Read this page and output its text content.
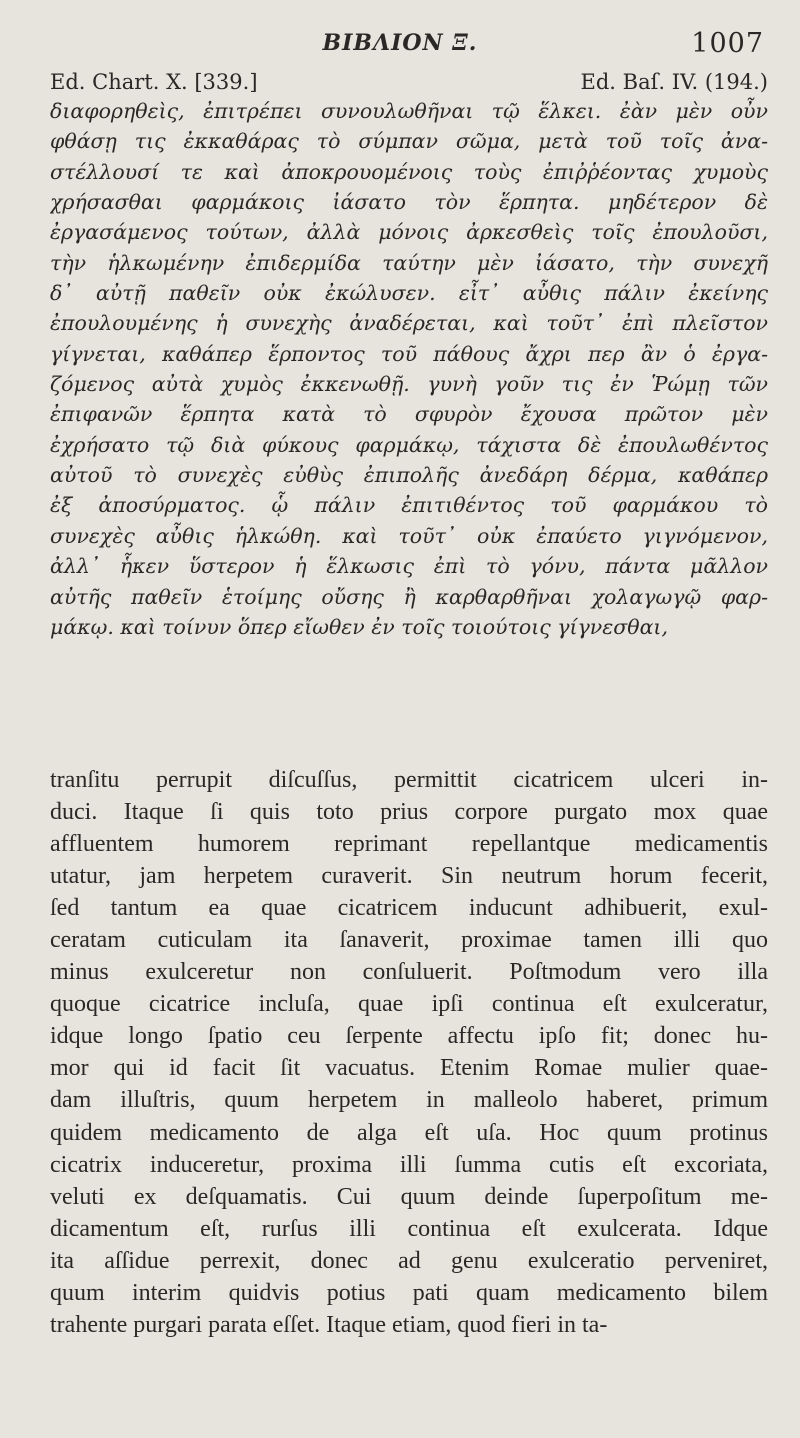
ΒΙΒΛΙΟΝ Ξ.	1007
Ed. Chart. X. [339.]	Ed. Baſ. IV. (194.)
διαφορηθεὶς, ἐπιτρέπει συνουλωθῆναι τῷ ἕλκει. ἐὰν μὲν οὖν
φθάσῃ τις ἐκκαθάρας τὸ σύμπαν σῶμα, μετὰ τοῦ τοῖς ἀνα-
στέλλουσί τε καὶ ἀποκρουομένοις τοὺς ἐπιῤῥέοντας χυμοὺς
χρήσασθαι φαρμάκοις ἰάσατο τὸν ἕρπητα. μηδέτερον δὲ
ἐργασάμενος τούτων, ἀλλὰ μόνοις ἀρκεσθεὶς τοῖς ἐπουλοῦσι,
τὴν ἡλκωμένην ἐπιδερμίδα ταύτην μὲν ἰάσατο, τὴν συνεχῆ
δ᾽ αὐτῇ παθεῖν οὐκ ἐκώλυσεν. εἶτ᾽ αὖθις πάλιν ἐκείνης
ἐπουλουμένης ἡ συνεχὴς ἀναδέρεται, καὶ τοῦτ᾽ ἐπὶ πλεῖστον
γίγνεται, καθάπερ ἕρποντος τοῦ πάθους ἄχρι περ ἂν ὁ ἐργα-
ζόμενος αὐτὰ χυμὸς ἐκκενωθῇ. γυνὴ γοῦν τις ἐν Ῥώμῃ τῶν
ἐπιφανῶν ἕρπητα κατὰ τὸ σφυρὸν ἔχουσα πρῶτον μὲν
ἐχρήσατο τῷ διὰ φύκους φαρμάκῳ, τάχιστα δὲ ἐπουλωθέντος
αὐτοῦ τὸ συνεχὲς εὐθὺς ἐπιπολῆς ἀνεδάρη δέρμα, καθάπερ
ἐξ ἀποσύρματος. ᾧ πάλιν ἐπιτιθέντος τοῦ φαρμάκου τὸ
συνεχὲς αὖθις ἡλκώθη. καὶ τοῦτ᾽ οὐκ ἐπαύετο γιγνόμενον,
ἀλλ᾽ ἧκεν ὕστερον ἡ ἕλκωσις ἐπὶ τὸ γόνυ, πάντα μᾶλλον
αὐτῆς παθεῖν ἑτοίμης οὔσης ἢ καρθαρθῆναι χολαγωγῷ φαρ-
μάκῳ. καὶ τοίνυν ὅπερ εἴωθεν ἐν τοῖς τοιούτοις γίγνεσθαι,
tranſitu perrupit diſcuſſus, permittit cicatricem ulceri in-
duci. Itaque ſi quis toto prius corpore purgato mox quae
affluentem humorem reprimant repellantque medicamentis
utatur, jam herpetem curaverit. Sin neutrum horum fecerit,
ſed tantum ea quae cicatricem inducunt adhibuerit, exul-
ceratam cuticulam ita ſanaverit, proximae tamen illi quo
minus exulceretur non conſuluerit. Poſtmodum vero illa
quoque cicatrice incluſa, quae ipſi continua eſt exulceratur,
idque longo ſpatio ceu ſerpente affectu ipſo fit; donec hu-
mor qui id facit ſit vacuatus. Etenim Romae mulier quae-
dam illuſtris, quum herpetem in malleolo haberet, primum
quidem medicamento de alga eſt uſa. Hoc quum protinus
cicatrix induceretur, proxima illi ſumma cutis eſt excoriata,
veluti ex deſquamatis. Cui quum deinde ſuperpoſitum me-
dicamentum eſt, rurſus illi continua eſt exulcerata. Idque
ita aſſidue perrexit, donec ad genu exulceratio perveniret,
quum interim quidvis potius pati quam medicamento bilem
trahente purgari parata eſſet. Itaque etiam, quod fieri in ta-
